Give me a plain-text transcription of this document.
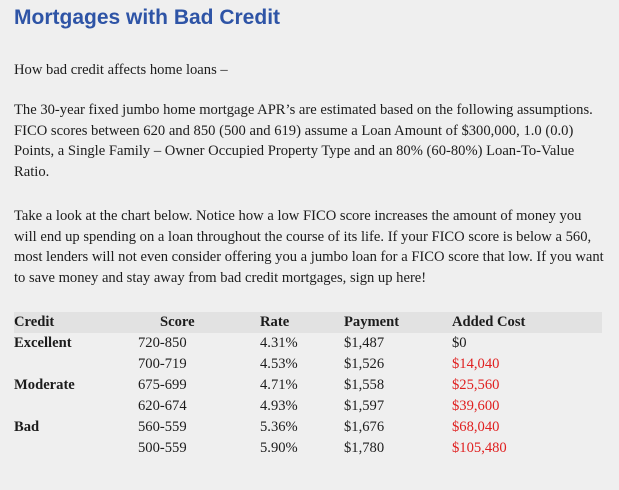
Mortgages with Bad Credit

How bad credit affects home loans –

The 30-year fixed jumbo home mortgage APR’s are estimated based on the following assumptions. FICO scores between 620 and 850 (500 and 619) assume a Loan Amount of $300,000, 1.0 (0.0) Points, a Single Family – Owner Occupied Property Type and an 80% (60-80%) Loan-To-Value Ratio.

Take a look at the chart below. Notice how a low FICO score increases the amount of money you will end up spending on a loan throughout the course of its life. If your FICO score is below a 560, most lenders will not even consider offering you a jumbo loan for a FICO score that low. If you want to save money and stay away from bad credit mortgages, sign up here!

Credit	Score	Rate	Payment	Added Cost
Excellent	720-850	4.31%	$1,487	$0
	700-719	4.53%	$1,526	$14,040
Moderate	675-699	4.71%	$1,558	$25,560
	620-674	4.93%	$1,597	$39,600
Bad	560-559	5.36%	$1,676	$68,040
	500-559	5.90%	$1,780	$105,480
